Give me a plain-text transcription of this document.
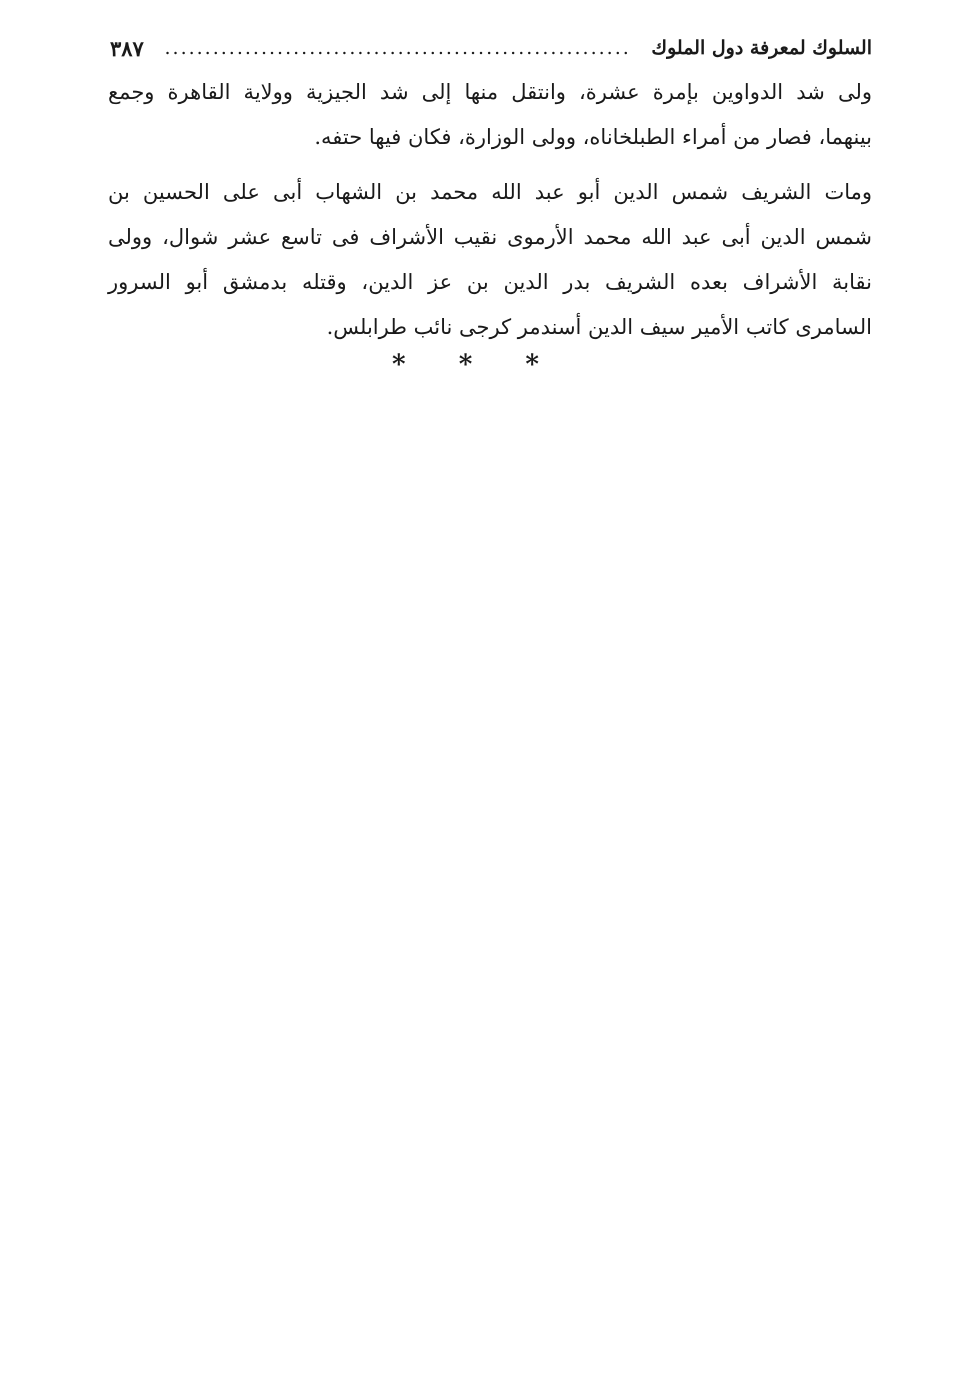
السلوك لمعرفة دول الملوك
..........................................................
٣٨٧

ولى شد الدواوين بإمرة عشرة، وانتقل منها إلى شد الجيزية وولاية القاهرة وجمع
بينهما، فصار من أمراء الطبلخاناه، وولى الوزارة، فكان فيها حتفه.

ومات الشريف شمس الدين أبو عبد الله محمد بن الشهاب أبى على الحسين بن
شمس الدين أبى عبد الله محمد الأرموى نقيب الأشراف فى تاسع عشر شوال، وولى
نقابة الأشراف بعده الشريف بدر الدين بن عز الدين، وقتله بدمشق أبو السرور
السامرى كاتب الأمير سيف الدين أسندمر كرجى نائب طرابلس.

* * *
